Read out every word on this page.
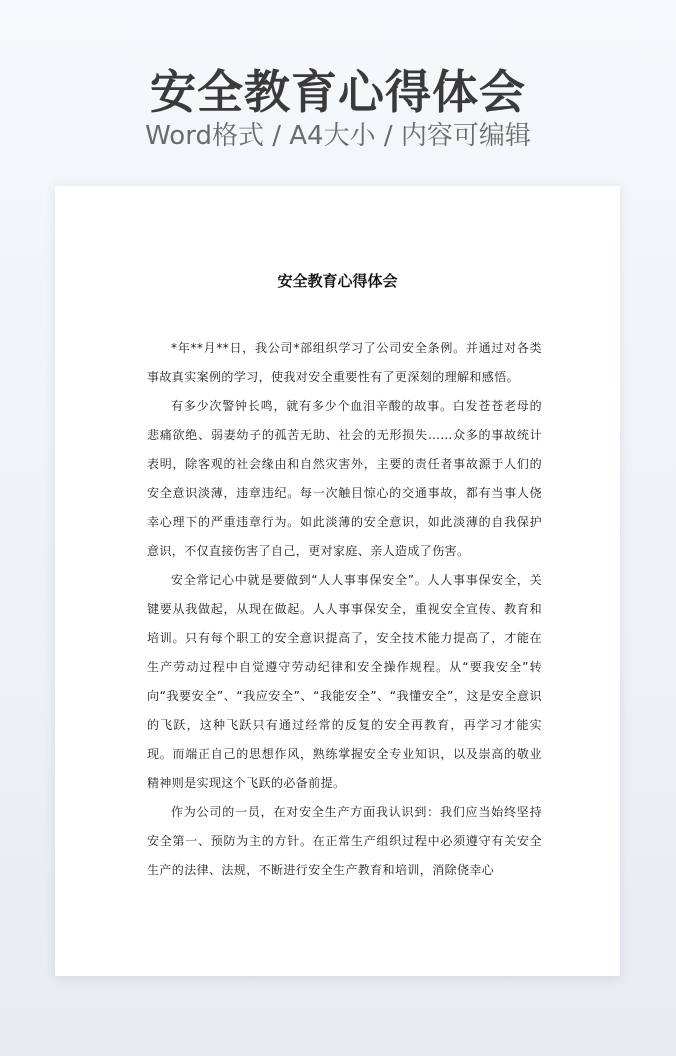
安全教育心得体会
Word格式 / A4大小 / 内容可编辑
安全教育心得体会

*年**月**日，我公司*部组织学习了公司安全条例。并通过对各类事故真实案例的学习，使我对安全重要性有了更深刻的理解和感悟。

有多少次警钟长鸣，就有多少个血泪辛酸的故事。白发苍苍老母的悲痛欲绝、弱妻幼子的孤苦无助、社会的无形损失……众多的事故统计表明，除客观的社会缘由和自然灾害外，主要的责任者事故源于人们的安全意识淡薄，违章违纪。每一次触目惊心的交通事故，都有当事人侥幸心理下的严重违章行为。如此淡薄的安全意识，如此淡薄的自我保护意识，不仅直接伤害了自己，更对家庭、亲人造成了伤害。

安全常记心中就是要做到“人人事事保安全”。人人事事保安全，关键要从我做起，从现在做起。人人事事保安全，重视安全宣传、教育和培训。只有每个职工的安全意识提高了，安全技术能力提高了，才能在生产劳动过程中自觉遵守劳动纪律和安全操作规程。从“要我安全”转向“我要安全”、“我应安全”、“我能安全”、“我懂安全”，这是安全意识的飞跃，这种飞跃只有通过经常的反复的安全再教育，再学习才能实现。而端正自己的思想作风，熟练掌握安全专业知识，以及崇高的敬业精神则是实现这个飞跃的必备前提。

作为公司的一员，在对安全生产方面我认识到：我们应当始终坚持安全第一、预防为主的方针。在正常生产组织过程中必须遵守有关安全生产的法律、法规，不断进行安全生产教育和培训，消除侥幸心
